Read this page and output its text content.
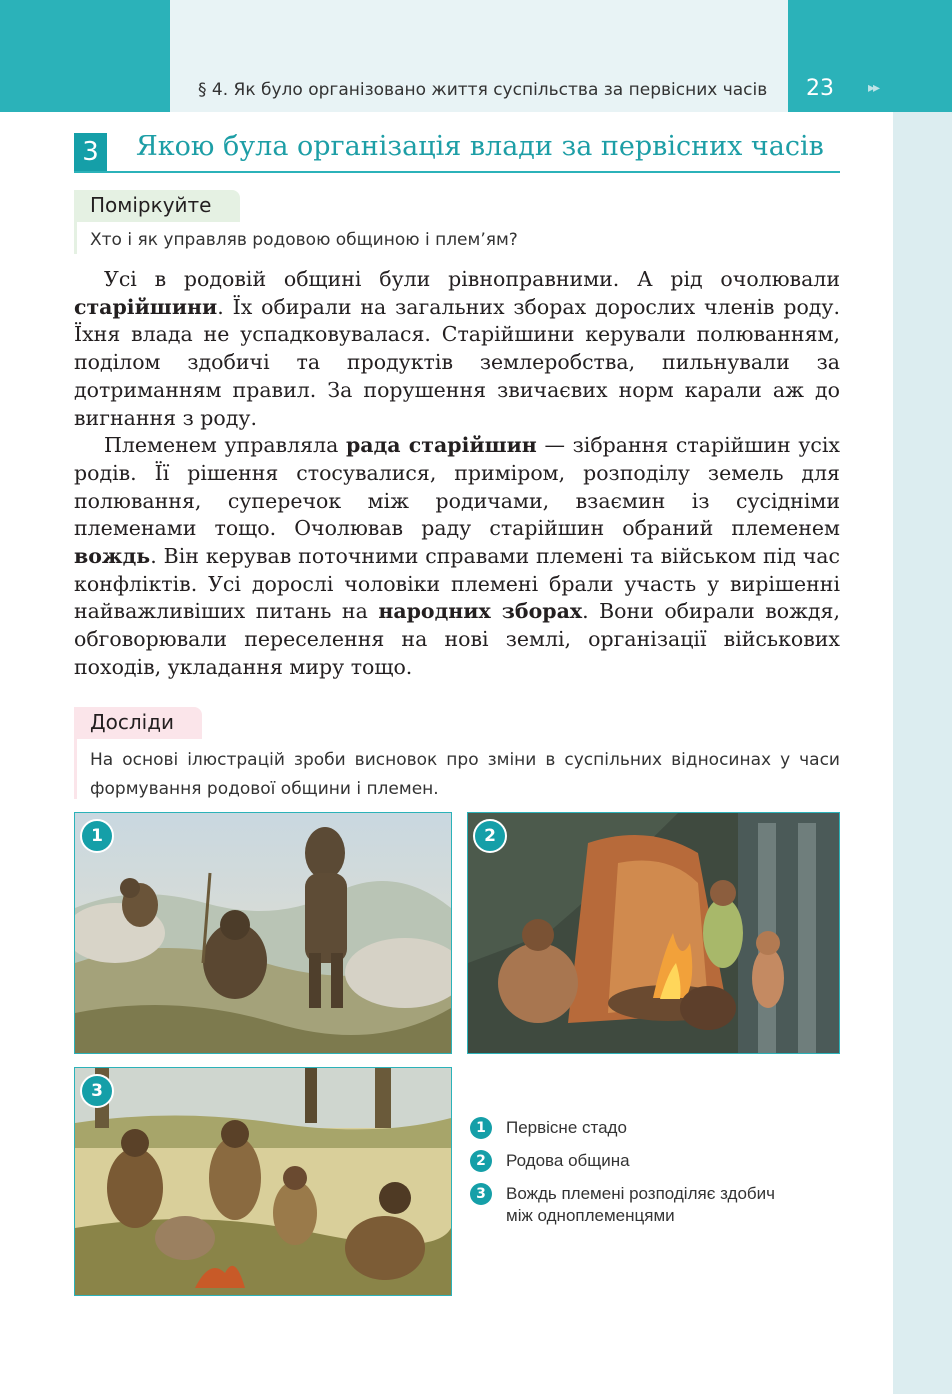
§ 4. Як було організовано життя суспільства за первісних часів	23	▸▸
3	Якою була організація влади за первісних часів
Поміркуйте
Хто і як управляв родовою общиною і плем’ям?

Усі в родовій общині були рівноправними. А рід очолювали старійшини. Їх обирали на загальних зборах дорослих членів роду. Їхня влада не успадковувалася. Старійшини керували полюванням, поділом здобичі та продуктів землеробства, пильнували за дотриманням правил. За порушення звичаєвих норм карали аж до вигнання з роду.

Племенем управляла рада старійшин — зібрання старійшин усіх родів. Її рішення стосувалися, приміром, розподілу земель для полювання, суперечок між родичами, взаємин із сусідніми племенами тощо. Очолював раду старійшин обраний племенем вождь. Він керував поточними справами племені та військом під час конфліктів. Усі дорослі чоловіки племені брали участь у вирішенні найважливіших питань на народних зборах. Вони обирали вождя, обговорювали переселення на нові землі, організації військових походів, укладання миру тощо.

Досліди
На основі ілюстрацій зроби висновок про зміни в суспільних відносинах у часи формування родової общини і племен.
1	2
3
1	Первісне стадо
2	Родова община
3	Вождь племені розподіляє здобич між одноплеменцями
